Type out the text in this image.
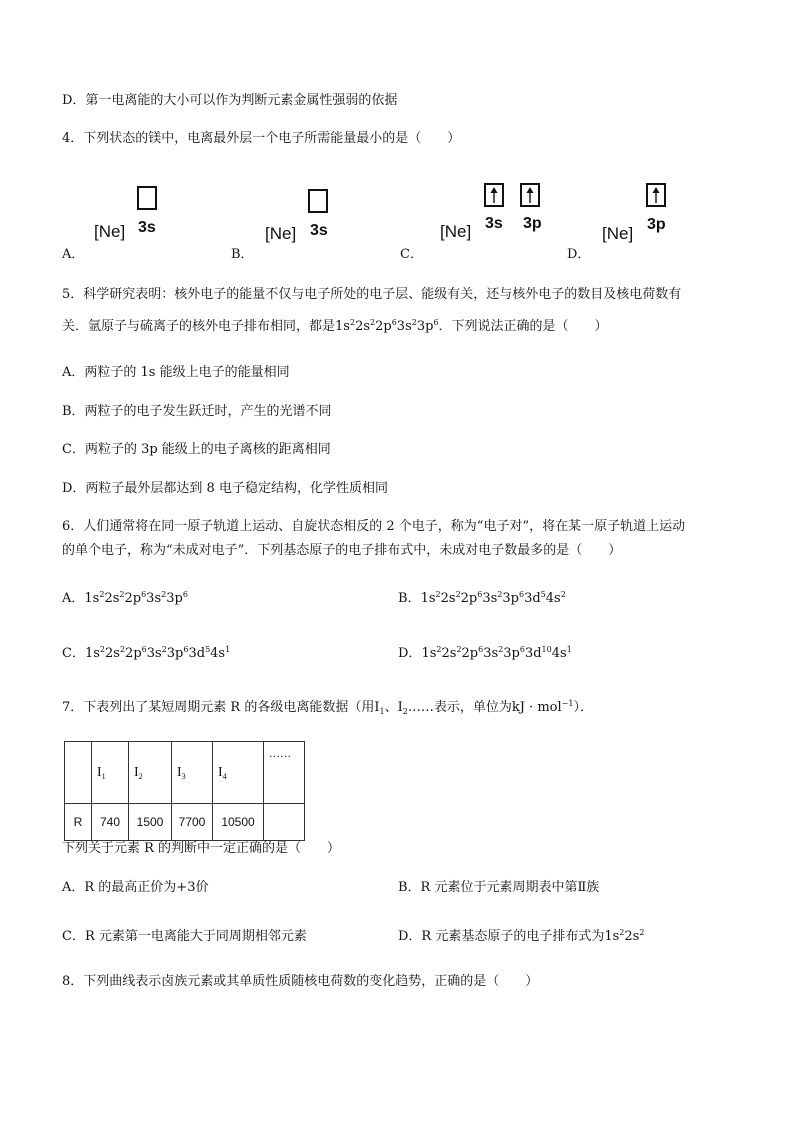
D．第一电离能的大小可以作为判断元素金属性强弱的依据
4．下列状态的镁中，电离最外层一个电子所需能量最小的是（　　）
A．
[Ne] 3s
B．
[Ne] 3s
C．
[Ne] 3s 3p
D．
[Ne] 3p
5．科学研究表明：核外电子的能量不仅与电子所处的电子层、能级有关，还与核外电子的数目及核电荷数有
关．氩原子与硫离子的核外电子排布相同，都是$1s^22s^22p^63s^23p^6$．下列说法正确的是（　　）
A．两粒子的 1s 能级上电子的能量相同
B．两粒子的电子发生跃迁时，产生的光谱不同
C．两粒子的 3p 能级上的电子离核的距离相同
D．两粒子最外层都达到 8 电子稳定结构，化学性质相同
6．人们通常将在同一原子轨道上运动、自旋状态相反的 2 个电子，称为“电子对”，将在某一原子轨道上运动
的单个电子，称为“未成对电子”．下列基态原子的电子排布式中，未成对电子数最多的是（　　）
A．$1s^22s^22p^63s^23p^6$	B．$1s^22s^22p^63s^23p^63d^54s^2$
C．$1s^22s^22p^63s^23p^63d^54s^1$	D．$1s^22s^22p^63s^23p^63d^{10}4s^1$
7．下表列出了某短周期元素 R 的各级电离能数据（用$I_1$、$I_2\dots\dots$表示，单位为kJ · mol$^{-1}$）．
	$I_1$	$I_2$	$I_3$	$I_4$	……
R	740	1500	7700	10500	
下列关于元素 R 的判断中一定正确的是（　　）
A．R 的最高正价为+3价	B．R 元素位于元素周期表中第Ⅱ族
C．R 元素第一电离能大于同周期相邻元素	D．R 元素基态原子的电子排布式为$1s^22s^2$
8．下列曲线表示卤族元素或其单质性质随核电荷数的变化趋势，正确的是（　　）
